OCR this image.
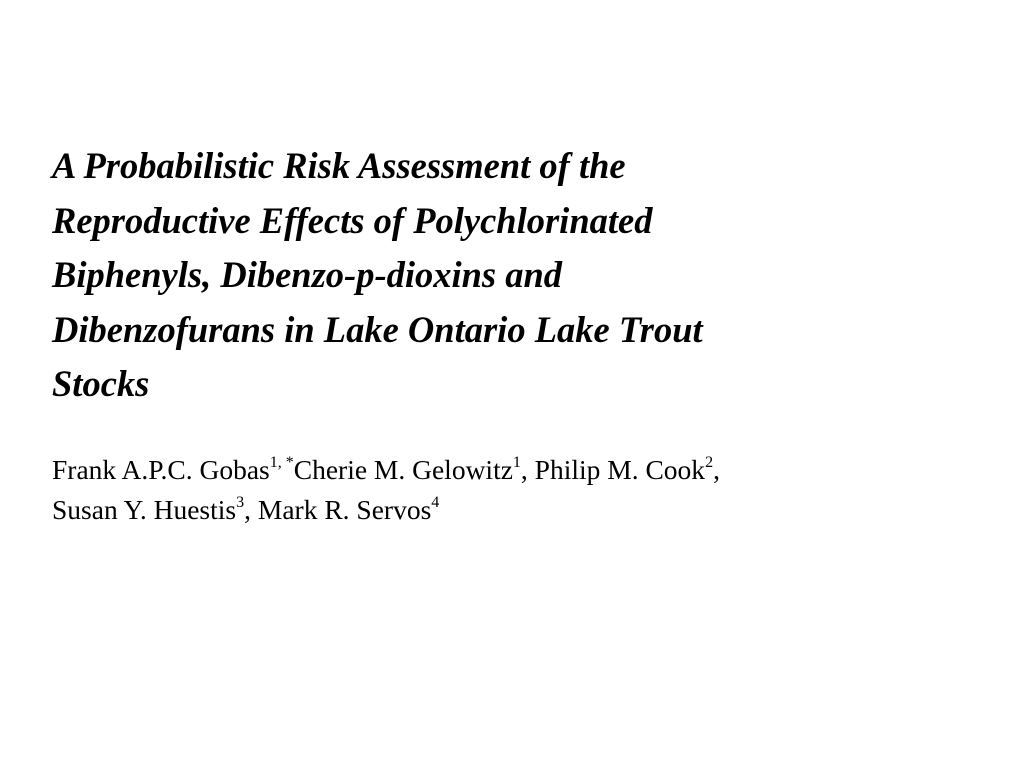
A Probabilistic Risk Assessment of the
Reproductive Effects of Polychlorinated
Biphenyls, Dibenzo-p-dioxins and
Dibenzofurans in Lake Ontario Lake Trout
Stocks

Frank A.P.C. Gobas$^{1, *}$Cherie M. Gelowitz$^1$, Philip M. Cook$^2$,
Susan Y. Huestis$^3$, Mark R. Servos$^4$
